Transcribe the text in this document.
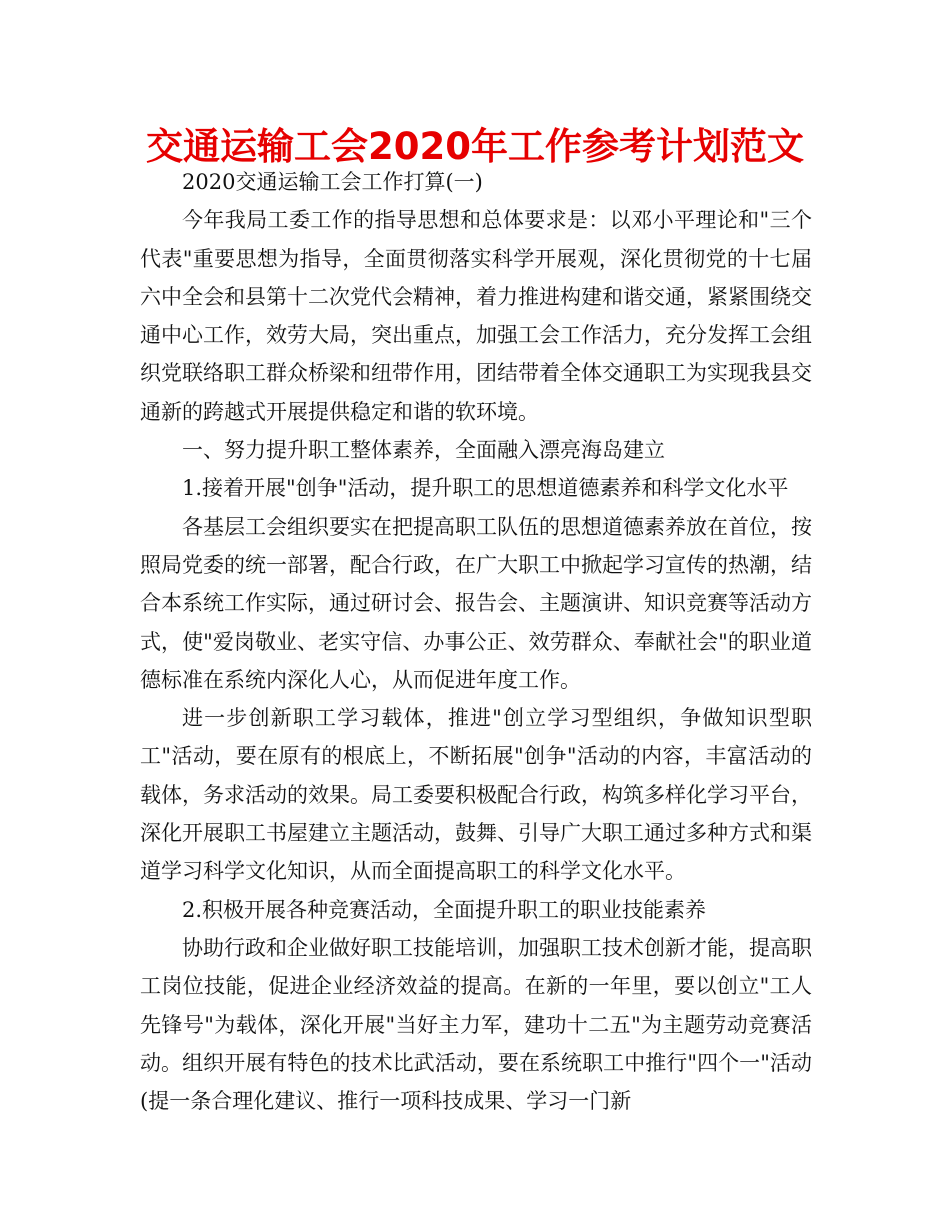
交通运输工会2020年工作参考计划范文

2020交通运输工会工作打算(一)

今年我局工委工作的指导思想和总体要求是：以邓小平理论和"三个代表"重要思想为指导，全面贯彻落实科学开展观，深化贯彻党的十七届六中全会和县第十二次党代会精神，着力推进构建和谐交通，紧紧围绕交通中心工作，效劳大局，突出重点，加强工会工作活力，充分发挥工会组织党联络职工群众桥梁和纽带作用，团结带着全体交通职工为实现我县交通新的跨越式开展提供稳定和谐的软环境。

一、努力提升职工整体素养，全面融入漂亮海岛建立

1.接着开展"创争"活动，提升职工的思想道德素养和科学文化水平

各基层工会组织要实在把提高职工队伍的思想道德素养放在首位，按照局党委的统一部署，配合行政，在广大职工中掀起学习宣传的热潮，结合本系统工作实际，通过研讨会、报告会、主题演讲、知识竞赛等活动方式，使"爱岗敬业、老实守信、办事公正、效劳群众、奉献社会"的职业道德标准在系统内深化人心，从而促进年度工作。

进一步创新职工学习载体，推进"创立学习型组织，争做知识型职工"活动，要在原有的根底上，不断拓展"创争"活动的内容，丰富活动的载体，务求活动的效果。局工委要积极配合行政，构筑多样化学习平台，深化开展职工书屋建立主题活动，鼓舞、引导广大职工通过多种方式和渠道学习科学文化知识，从而全面提高职工的科学文化水平。

2.积极开展各种竞赛活动，全面提升职工的职业技能素养

协助行政和企业做好职工技能培训，加强职工技术创新才能，提高职工岗位技能，促进企业经济效益的提高。在新的一年里，要以创立"工人先锋号"为载体，深化开展"当好主力军，建功十二五"为主题劳动竞赛活动。组织开展有特色的技术比武活动，要在系统职工中推行"四个一"活动(提一条合理化建议、推行一项科技成果、学习一门新
